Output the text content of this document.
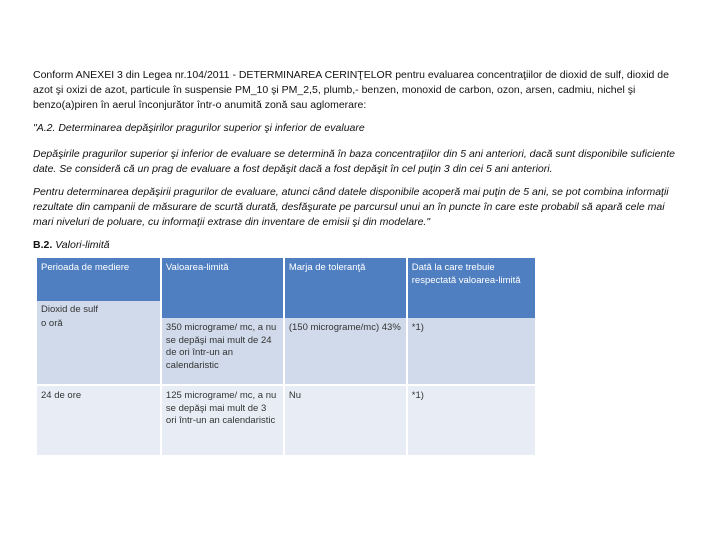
Conform ANEXEI 3 din Legea nr.104/2011 - DETERMINAREA CERINŢELOR pentru evaluarea concentraţiilor de dioxid de sulf, dioxid de azot şi oxizi de azot, particule în suspensie PM_10 şi PM_2,5, plumb,- benzen, monoxid de carbon, ozon, arsen, cadmiu, nichel şi benzo(a)piren în aerul înconjurător într-o anumită zonă sau aglomerare:

"A.2. Determinarea depăşirilor pragurilor superior şi inferior de evaluare

Depăşirile pragurilor superior şi inferior de evaluare se determină în baza concentraţiilor din 5 ani anteriori, dacă sunt disponibile suficiente date. Se consideră că un prag de evaluare a fost depăşit dacă a fost depăşit în cel puţin 3 din cei 5 ani anteriori.

Pentru determinarea depăşirii pragurilor de evaluare, atunci când datele disponibile acoperă mai puţin de 5 ani, se pot combina informaţii rezultate din campanii de măsurare de scurtă durată, desfăşurate pe parcursul unui an în puncte în care este probabil să apară cele mai mari niveluri de poluare, cu informaţii extrase din inventare de emisii şi din modelare."

B.2. Valori-limită

Perioada de mediere	Valoarea-limită	Marja de toleranţă	Dată la care trebuie respectată valoarea-limită
Dioxid de sulf			
o oră	350 micrograme/ mc, a nu se depăşi mai mult de 24 de ori într-un an calendaristic	(150 micrograme/mc) 43%	*1)
24 de ore	125 micrograme/ mc, a nu se depăşi mai mult de 3 ori într-un an calendaristic	Nu	*1)
